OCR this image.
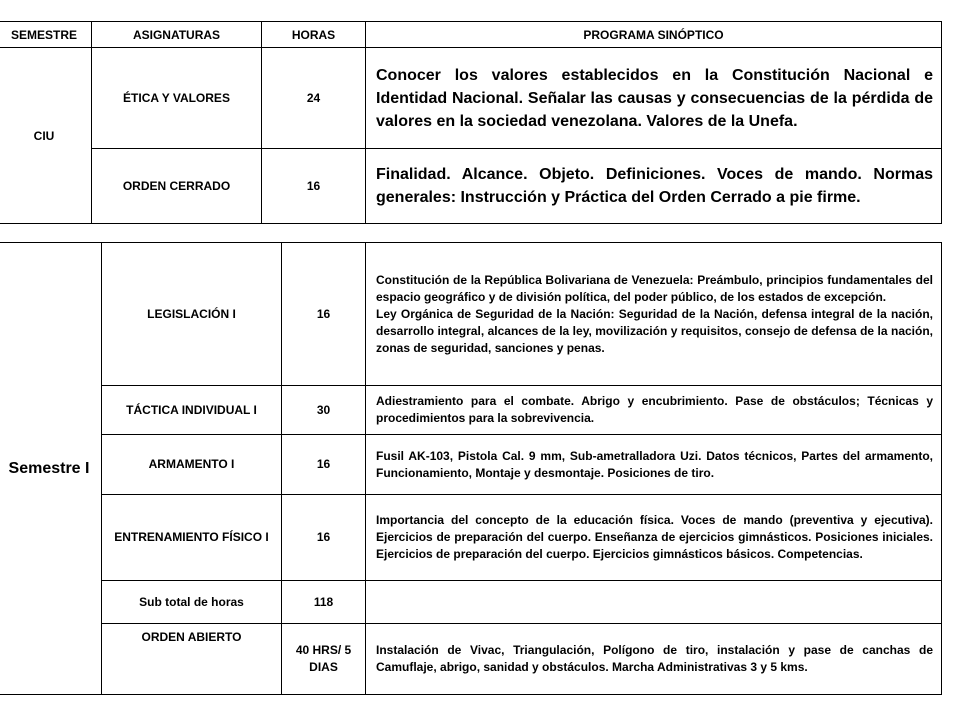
SEMESTRE	ASIGNATURAS	HORAS	PROGRAMA SINÓPTICO
CIU	ÉTICA Y VALORES	24	Conocer los valores establecidos en la Constitución Nacional e Identidad Nacional. Señalar las causas y consecuencias de la pérdida de valores en la sociedad venezolana. Valores de la Unefa.
	ORDEN CERRADO	16	Finalidad. Alcance. Objeto. Definiciones. Voces de mando. Normas generales: Instrucción y Práctica del Orden Cerrado a pie firme.
Semestre I	LEGISLACIÓN I	16	Constitución de la República Bolivariana de Venezuela: Preámbulo, principios fundamentales del espacio geográfico y de división política, del poder público, de los estados de excepción.
Ley Orgánica de Seguridad de la Nación: Seguridad de la Nación, defensa integral de la nación, desarrollo integral, alcances de la ley, movilización y requisitos, consejo de defensa de la nación, zonas de seguridad, sanciones y penas.

	TÁCTICA INDIVIDUAL I	30	Adiestramiento para el combate. Abrigo y encubrimiento. Pase de obstáculos; Técnicas y procedimientos para la sobrevivencia.
	ARMAMENTO I	16	Fusil AK-103, Pistola Cal. 9 mm, Sub-ametralladora Uzi. Datos técnicos, Partes del armamento, Funcionamiento, Montaje y desmontaje. Posiciones de tiro.
	ENTRENAMIENTO FÍSICO I	16	Importancia del concepto de la educación física. Voces de mando (preventiva y ejecutiva). Ejercicios de preparación del cuerpo. Enseñanza de ejercicios gimnásticos. Posiciones iniciales. Ejercicios de preparación del cuerpo. Ejercicios gimnásticos básicos. Competencias.
	Sub total de horas	118	
	ORDEN ABIERTO	40 HRS/ 5 DIAS	Instalación de Vivac, Triangulación, Polígono de tiro, instalación y pase de canchas de Camuflaje, abrigo, sanidad y obstáculos. Marcha Administrativas 3 y 5 kms.
